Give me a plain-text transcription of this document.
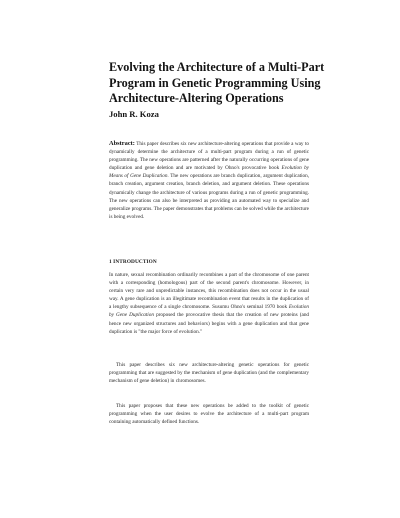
Evolving the Architecture of a Multi-Part Program in Genetic Programming Using Architecture-Altering Operations
John R. Koza
Abstract: This paper describes six new architecture-altering operations that provide a way to dynamically determine the architecture of a multi-part program during a run of genetic programming. The new operations are patterned after the naturally occurring operations of gene duplication and gene deletion and are motivated by Ohno's provocative book Evolution by Means of Gene Duplication. The new operations are branch duplication, argument duplication, branch creation, argument creation, branch deletion, and argument deletion. These operations dynamically change the architecture of various programs during a run of genetic programming. The new operations can also be interpreted as providing an automated way to specialize and generalize programs. The paper demonstrates that problems can be solved while the architecture is being evolved.
1 INTRODUCTION

In nature, sexual recombination ordinarily recombines a part of the chromosome of one parent with a corresponding (homologous) part of the second parent's chromosome. However, in certain very rare and unpredictable instances, this recombination does not occur in the usual way. A gene duplication is an illegitimate recombination event that results in the duplication of a lengthy subsequence of a single chromosome. Susumu Ohno's seminal 1970 book Evolution by Gene Duplication proposed the provocative thesis that the creation of new proteins (and hence new organized structures and behaviors) begins with a gene duplication and that gene duplication is "the major force of evolution."

This paper describes six new architecture-altering genetic operations for genetic programming that are suggested by the mechanism of gene duplication (and the complementary mechanism of gene deletion) in chromosomes.

This paper proposes that these new operations be added to the toolkit of genetic programming when the user desires to evolve the architecture of a multi-part program containing automatically defined functions.
